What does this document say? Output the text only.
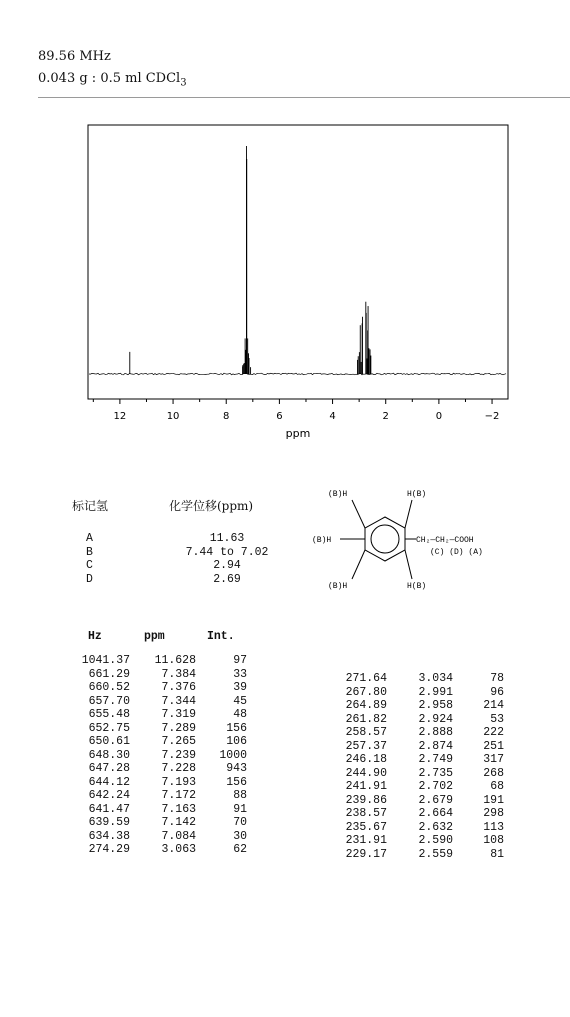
89.56 MHz
0.043 g : 0.5 ml CDCl$_3$
12	10	8	6	4	2	0	−2
ppm
标记氢	化学位移(ppm)
A	11.63
B	7.44 to 7.02
C	2.94
D	2.69
(B)H	H(B)
(B)H
(B)H	H(B)
CH₂—CH₂—COOH
(C) (D) (A)
Hz	ppm	Int.
1041.37 11.628	97
661.29	7.384	33
660.52	7.376	39
657.70	7.344	45
655.48	7.319	48
652.75	7.289	156
650.61	7.265	106
648.30	7.239 1000
647.28	7.228	943
644.12	7.193	156
642.24	7.172	88
641.47	7.163	91
639.59	7.142	70
634.38	7.084	30
274.29	3.063	62
271.64	3.034	78
267.80	2.991	96
264.89	2.958	214
261.82	2.924	53
258.57	2.888	222
257.37	2.874	251
246.18	2.749	317
244.90	2.735	268
241.91	2.702	68
239.86	2.679	191
238.57	2.664	298
235.67	2.632	113
231.91	2.590	108
229.17	2.559	81
